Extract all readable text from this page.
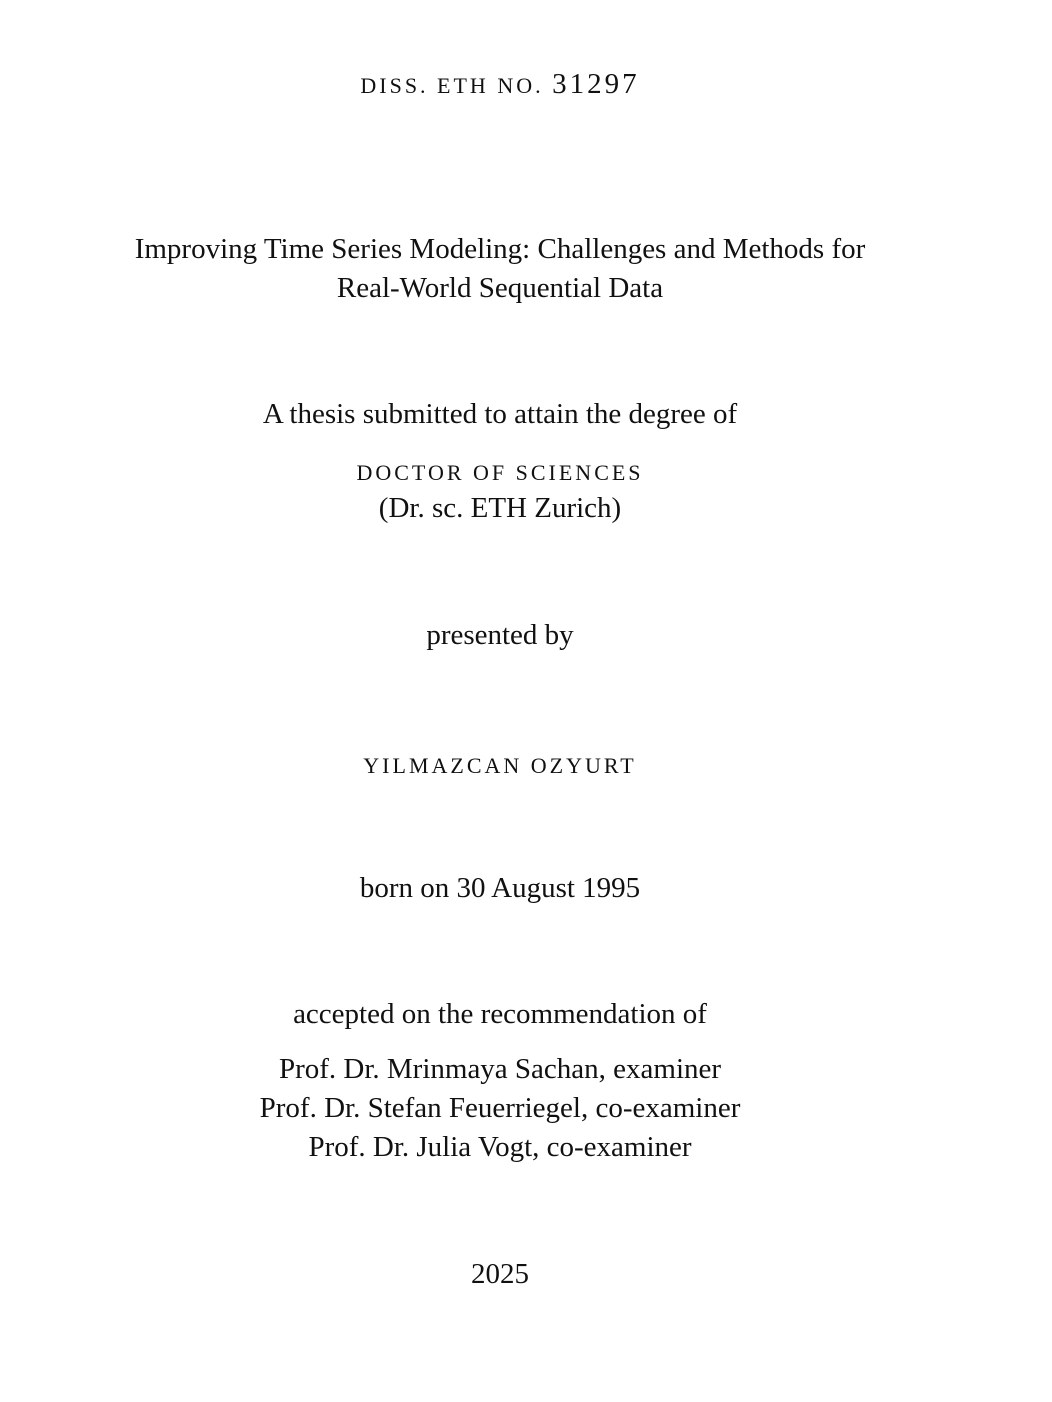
DISS. ETH NO. 31297
Improving Time Series Modeling: Challenges and Methods for
Real-World Sequential Data
A thesis submitted to attain the degree of
DOCTOR OF SCIENCES
(Dr. sc. ETH Zurich)
presented by
YILMAZCAN OZYURT
born on 30 August 1995
accepted on the recommendation of
Prof. Dr. Mrinmaya Sachan, examiner
Prof. Dr. Stefan Feuerriegel, co-examiner
Prof. Dr. Julia Vogt, co-examiner
2025
